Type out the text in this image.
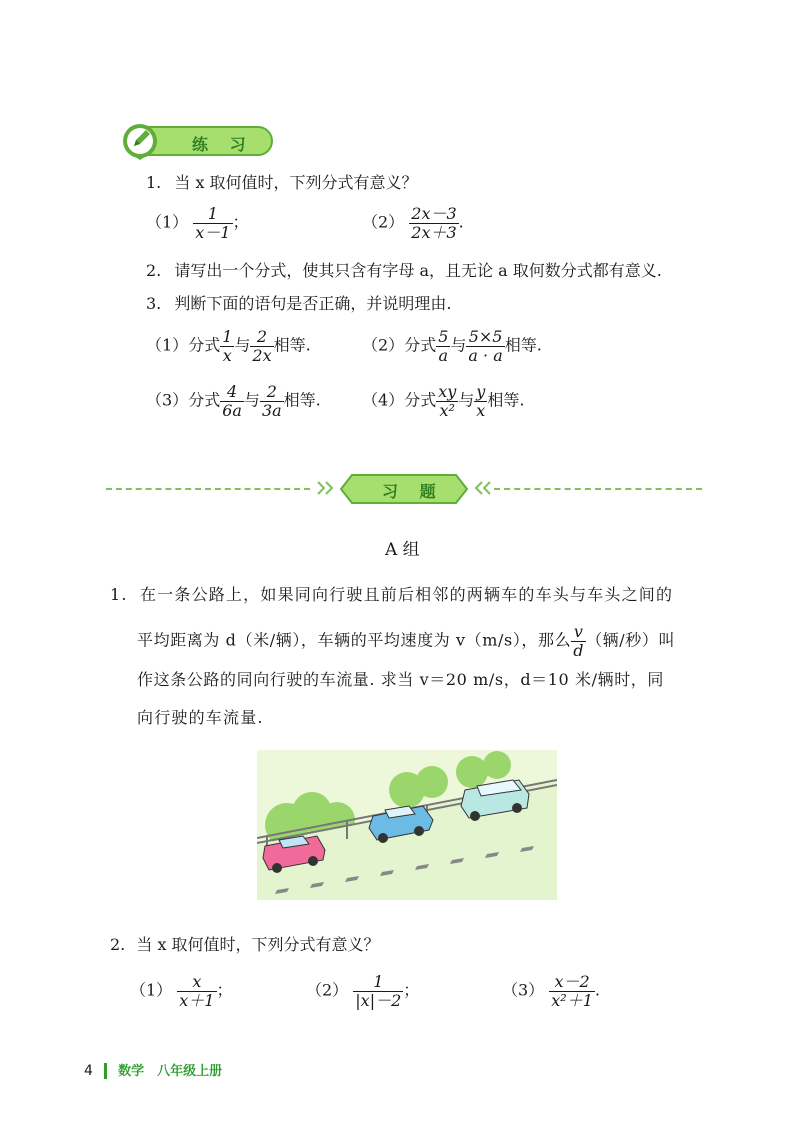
练 习
1. 当 x 取何值时，下列分式有意义？
$(1) \frac{1}{x-1}$ ；	$(2) \frac{2x-3}{2x+3}$ .
2. 请写出一个分式，使其只含有字母 a，且无论 a 取何数分式都有意义.
3. 判断下面的语句是否正确，并说明理由.
（1）分式 $\frac{1}{x}$ 与 $\frac{2}{2x}$ 相等.	（2）分式 $\frac{5}{a}$ 与 $\frac{5\times 5}{a \cdot a}$ 相等.
（3）分式 $\frac{4}{6a}$ 与 $\frac{2}{3a}$ 相等.	（4）分式 $\frac{xy}{\text{x²}}$ 与 $\frac{y}{x}$ 相等.
习 题
A 组
1. 在一条公路上，如果同向行驶且前后相邻的两辆车的车头与车头之间的
平均距离为 d（米/辆），车辆的平均速度为 v（m/s），那么 $\frac{v}{d}$ （辆/秒）叫
作这条公路的同向行驶的车流量. 求当 v＝20 m/s，d＝10 米/辆时，同
向行驶的车流量.
2. 当 x 取何值时，下列分式有意义？
$(1) \frac{x}{x+1}$ ；	$(2) \frac{1}{|x|-2}$ ；	$(3) \frac{x-2}{\text{x²＋1}}$ .
4 数学　八年级上册
